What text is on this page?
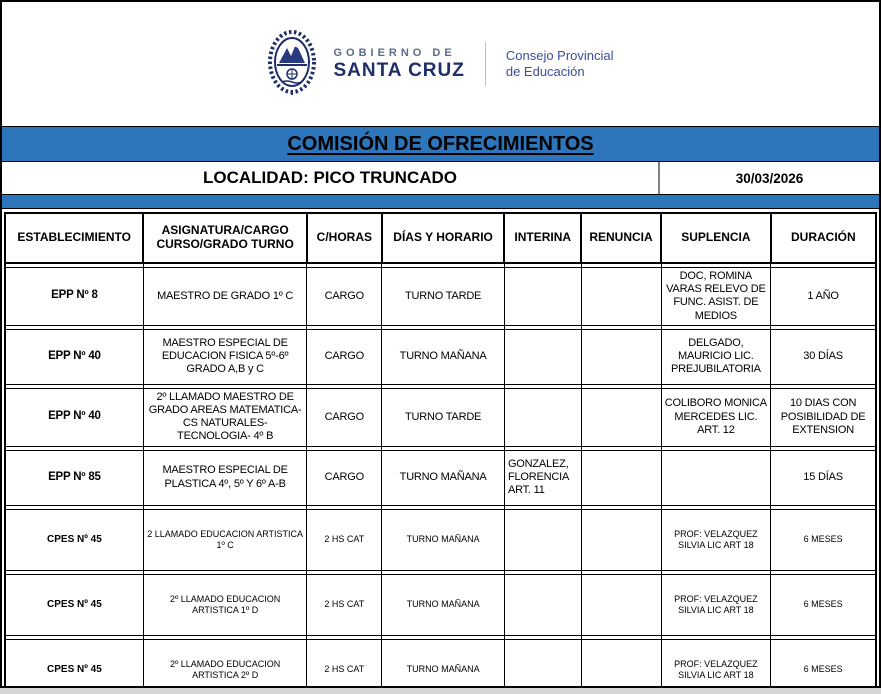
GOBIERNO DE
SANTA CRUZ
Consejo Provincial
de Educación
COMISIÓN DE OFRECIMIENTOS
LOCALIDAD: PICO TRUNCADO	30/03/2026
ESTABLECIMIENTO	ASIGNATURA/CARGO CURSO/GRADO TURNO	C/HORAS	DÍAS Y HORARIO	INTERINA	RENUNCIA	SUPLENCIA	DURACIÓN

EPP Nº 8	MAESTRO DE GRADO 1º C	CARGO	TURNO TARDE			DOC, ROMINA VARAS RELEVO DE FUNC. ASIST. DE MEDIOS	1 AÑO

EPP Nº 40	MAESTRO ESPECIAL DE EDUCACION FISICA 5º-6º GRADO A,B y C	CARGO	TURNO MAÑANA			DELGADO, MAURICIO LIC. PREJUBILATORIA	30 DÍAS

EPP Nº 40	2º LLAMADO MAESTRO DE GRADO AREAS MATEMATICA- CS NATURALES- TECNOLOGIA- 4º B	CARGO	TURNO TARDE			COLIBORO MONICA MERCEDES LIC. ART. 12	10 DIAS CON POSIBILIDAD DE EXTENSION

EPP Nº 85	MAESTRO ESPECIAL DE PLASTICA 4º, 5º Y 6º A-B	CARGO	TURNO MAÑANA	GONZALEZ, FLORENCIA ART. 11			15 DÍAS

CPES Nº 45	2 LLAMADO EDUCACION ARTISTICA 1º C	2 HS CAT	TURNO MAÑANA			PROF: VELAZQUEZ SILVIA LIC ART 18	6 MESES

CPES Nº 45	2º LLAMADO EDUCACION ARTISTICA 1º D	2 HS CAT	TURNO MAÑANA			PROF: VELAZQUEZ SILVIA LIC ART 18	6 MESES

CPES Nº 45	2º LLAMADO EDUCACION ARTISTICA 2º D	2 HS CAT	TURNO MAÑANA			PROF: VELAZQUEZ SILVIA LIC ART 18	6 MESES
